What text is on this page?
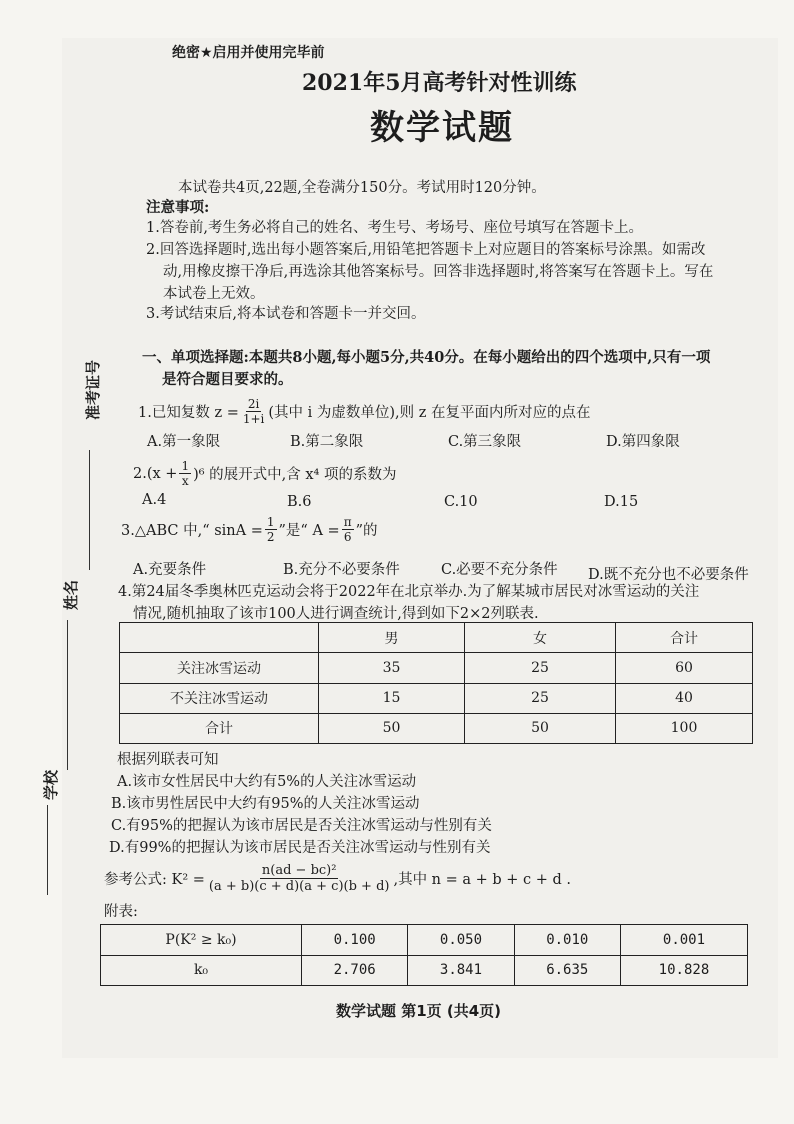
绝密★启用并使用完毕前
2021年5月高考针对性训练
数学试题
准考证号
姓名
学校
本试卷共4页,22题,全卷满分150分。考试用时120分钟。
注意事项:
1.答卷前,考生务必将自己的姓名、考生号、考场号、座位号填写在答题卡上。
2.回答选择题时,选出每小题答案后,用铅笔把答题卡上对应题目的答案标号涂黑。如需改
动,用橡皮擦干净后,再选涂其他答案标号。回答非选择题时,将答案写在答题卡上。写在
本试卷上无效。
3.考试结束后,将本试卷和答题卡一并交回。
一、单项选择题:本题共8小题,每小题5分,共40分。在每小题给出的四个选项中,只有一项
是符合题目要求的。
1.已知复数 $z = \frac{2i}{1+i}$ (其中 i 为虚数单位),则 z 在复平面内所对应的点在
A.第一象限	B.第二象限	C.第三象限	D.第四象限
$2.(x + \frac{1}{x} )^6$ 的展开式中,含 x⁴ 项的系数为
A.4	B.6	C.10	D.15
3.△ABC 中,“ $\sin A = \frac{1}{2}$ ”是“ $A = \frac{\pi}{6}$ ”的
A.充要条件	B.充分不必要条件	C.必要不充分条件 D.既不充分也不必要条件
4.第24届冬季奥林匹克运动会将于2022年在北京举办.为了解某城市居民对冰雪运动的关注
情况,随机抽取了该市100人进行调查统计,得到如下2×2列联表.
	男	女	合计
关注冰雪运动	35	25	60
不关注冰雪运动	15	25	40
合计	50	50	100
根据列联表可知
A.该市女性居民中大约有5%的人关注冰雪运动
B.该市男性居民中大约有95%的人关注冰雪运动
C.有95%的把握认为该市居民是否关注冰雪运动与性别有关
D.有99%的把握认为该市居民是否关注冰雪运动与性别有关
参考公式: $K^2 = \frac{\text{n(ad − bc)²}}{(a + b)(c + d)(a + c)(b + d)}$ ,其中 n = a + b + c + d .
附表:
P(K² ≥ k₀)	0.100	0.050	0.010	0.001
k₀	2.706	3.841	6.635	10.828
数学试题 第1页 (共4页)
